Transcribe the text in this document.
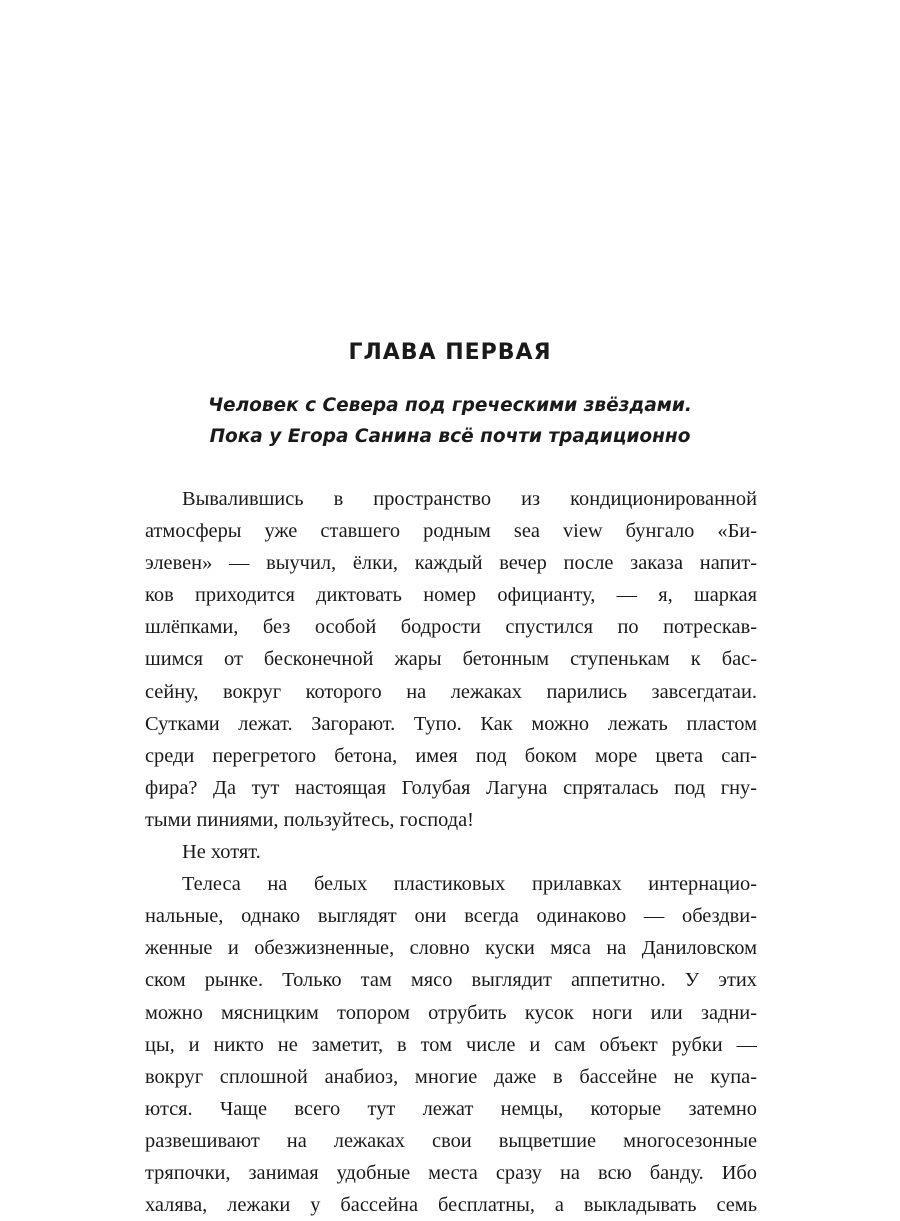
ГЛАВА ПЕРВАЯ
Человек с Севера под греческими звёздами.
Пока у Егора Санина всё почти традиционно
Вывалившись в пространство из кондиционированной
атмосферы уже ставшего родным sea view бунгало «Би-
элевен» — выучил, ёлки, каждый вечер после заказа напит-
ков приходится диктовать номер официанту, — я, шаркая
шлёпками, без особой бодрости спустился по потрескав-
шимся от бесконечной жары бетонным ступенькам к бас-
сейну, вокруг которого на лежаках парились завсегдатаи.
Сутками лежат. Загорают. Тупо. Как можно лежать пластом
среди перегретого бетона, имея под боком море цвета сап-
фира? Да тут настоящая Голубая Лагуна спряталась под гну-
тыми пиниями, пользуйтесь, господа!
Не хотят.
Телеса на белых пластиковых прилавках интернацио-
нальные, однако выглядят они всегда одинаково — обездви-
женные и обезжизненные, словно куски мяса на Даниловском
ском рынке. Только там мясо выглядит аппетитно. У этих
можно мясницким топором отрубить кусок ноги или задни-
цы, и никто не заметит, в том числе и сам объект рубки —
вокруг сплошной анабиоз, многие даже в бассейне не купа-
ются. Чаще всего тут лежат немцы, которые затемно
развешивают на лежаках свои выцветшие многосезонные
тряпочки, занимая удобные места сразу на всю банду. Ибо
халява, лежаки у бассейна бесплатны, а выкладывать семь
